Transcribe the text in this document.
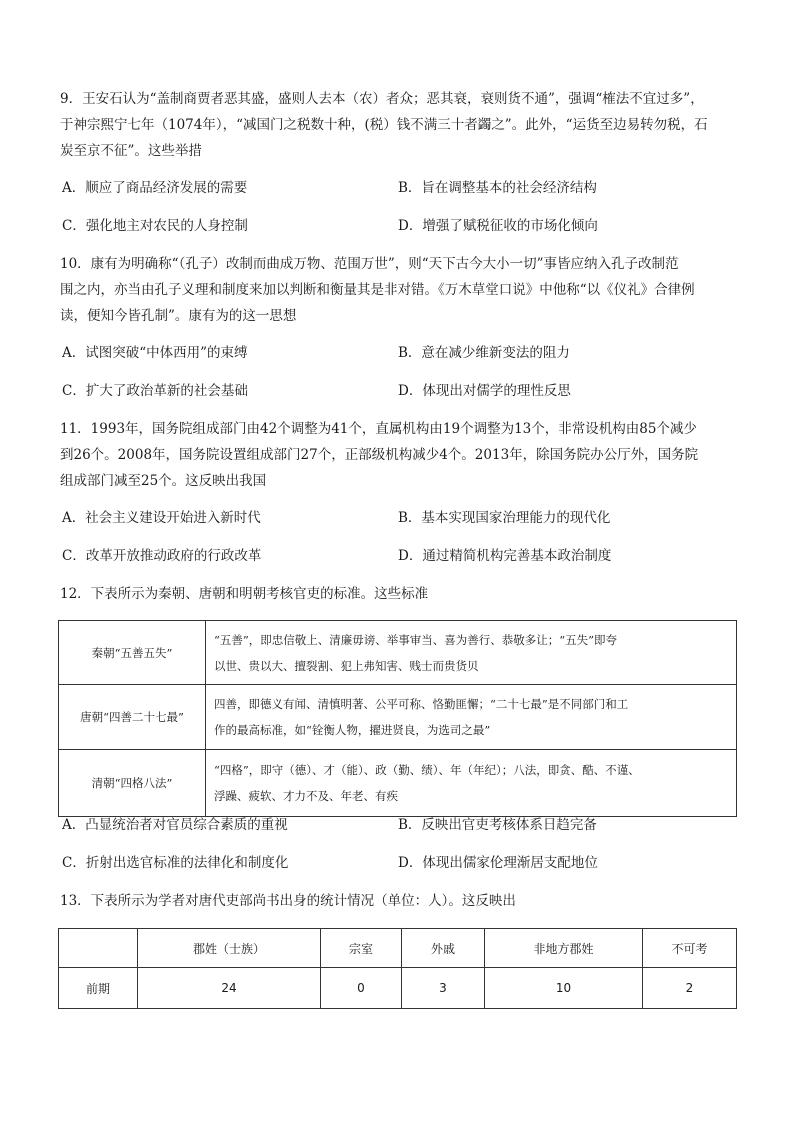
9．王安石认为“盖制商贾者恶其盛，盛则人去本（农）者众；恶其衰，衰则货不通”，强调“榷法不宜过多”，
于神宗熙宁七年（1074年），“减国门之税数十种，(税）钱不满三十者蠲之”。此外，“运货至边易转勿税，石
炭至京不征”。这些举措
A．顺应了商品经济发展的需要	B．旨在调整基本的社会经济结构
C．强化地主对农民的人身控制	D．增强了赋税征收的市场化倾向
10．康有为明确称“（孔子）改制而曲成万物、范围万世”，则“天下古今大小一切”事皆应纳入孔子改制范
围之内，亦当由孔子义理和制度来加以判断和衡量其是非对错。《万木草堂口说》中他称“以《仪礼》合律例
读，便知今皆孔制”。康有为的这一思想
A．试图突破“中体西用”的束缚	B．意在减少维新变法的阻力
C．扩大了政治革新的社会基础	D．体现出对儒学的理性反思
11．1993年，国务院组成部门由42个调整为41个，直属机构由19个调整为13个，非常设机构由85个减少
到26个。2008年，国务院设置组成部门27个，正部级机构减少4个。2013年，除国务院办公厅外，国务院
组成部门减至25个。这反映出我国
A．社会主义建设开始进入新时代	B．基本实现国家治理能力的现代化
C．改革开放推动政府的行政改革	D．通过精简机构完善基本政治制度
12．下表所示为秦朝、唐朝和明朝考核官吏的标准。这些标准
秦朝“五善五失”	“五善”，即忠信敬上、清廉毋谤、举事审当、喜为善行、恭敬多让；“五失”即夸
以世、贵以大、擅裂割、犯上弗知害、贱士而贵货贝

唐朝“四善二十七最”	四善，即德义有闻、清慎明著、公平可称、恪勤匪懈；“二十七最”是不同部门和工
作的最高标准，如“铨衡人物，擢进贤良，为选司之最”

清朝“四格八法”	“四格”，即守（德）、才（能）、政（勤、绩）、年（年纪）；八法，即贪、酷、不谨、
浮躁、疲软、才力不及、年老、有疾
A．凸显统治者对官员综合素质的重视	B．反映出官吏考核体系日趋完备
C．折射出选官标准的法律化和制度化	D．体现出儒家伦理渐居支配地位
13．下表所示为学者对唐代吏部尚书出身的统计情况（单位：人）。这反映出
	郡姓（士族）	宗室	外戚	非地方郡姓	不可考
前期	24	0	3	10	2
